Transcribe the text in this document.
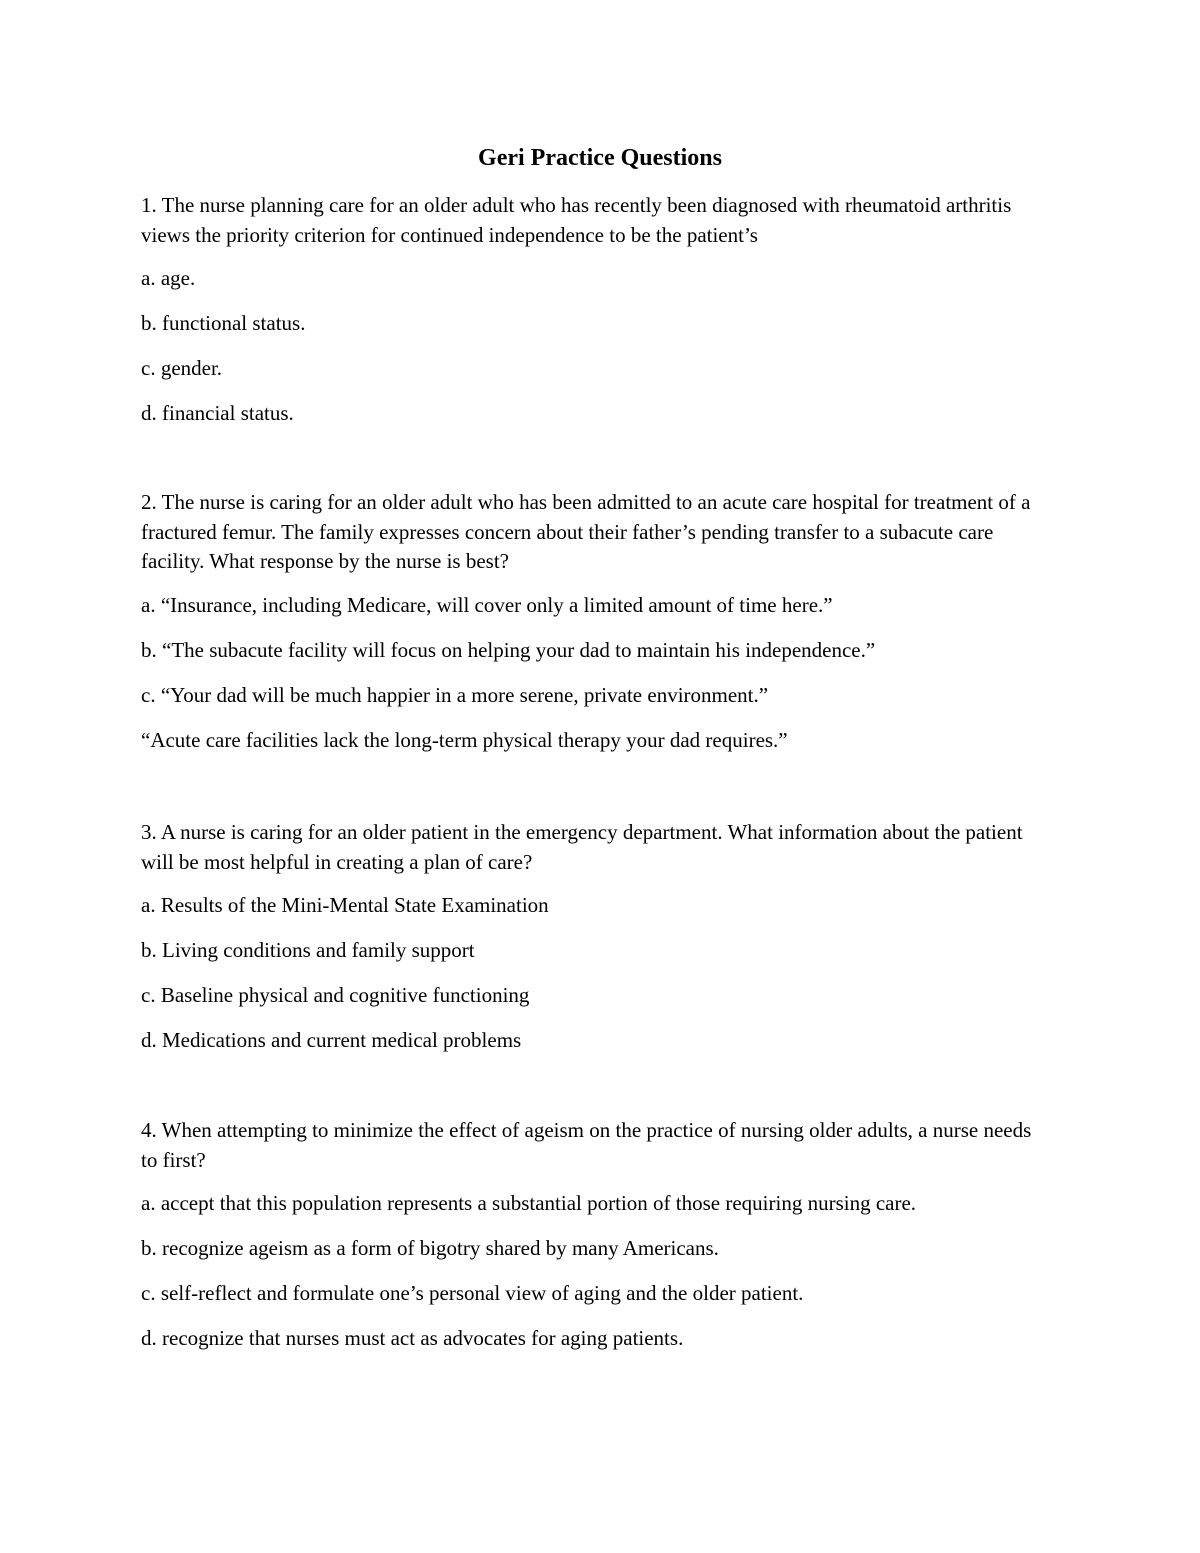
Geri Practice Questions

1. The nurse planning care for an older adult who has recently been diagnosed with rheumatoid arthritis views the priority criterion for continued independence to be the patient’s

a. age.

b. functional status.

c. gender.

d. financial status.

2. The nurse is caring for an older adult who has been admitted to an acute care hospital for treatment of a fractured femur. The family expresses concern about their father’s pending transfer to a subacute care facility. What response by the nurse is best?

a. “Insurance, including Medicare, will cover only a limited amount of time here.”

b. “The subacute facility will focus on helping your dad to maintain his independence.”

c. “Your dad will be much happier in a more serene, private environment.”

“Acute care facilities lack the long-term physical therapy your dad requires.”

3. A nurse is caring for an older patient in the emergency department. What information about the patient will be most helpful in creating a plan of care?

a. Results of the Mini-Mental State Examination

b. Living conditions and family support

c. Baseline physical and cognitive functioning

d. Medications and current medical problems

4. When attempting to minimize the effect of ageism on the practice of nursing older adults, a nurse needs to first?

a. accept that this population represents a substantial portion of those requiring nursing care.

b. recognize ageism as a form of bigotry shared by many Americans.

c. self-reflect and formulate one’s personal view of aging and the older patient.

d. recognize that nurses must act as advocates for aging patients.
